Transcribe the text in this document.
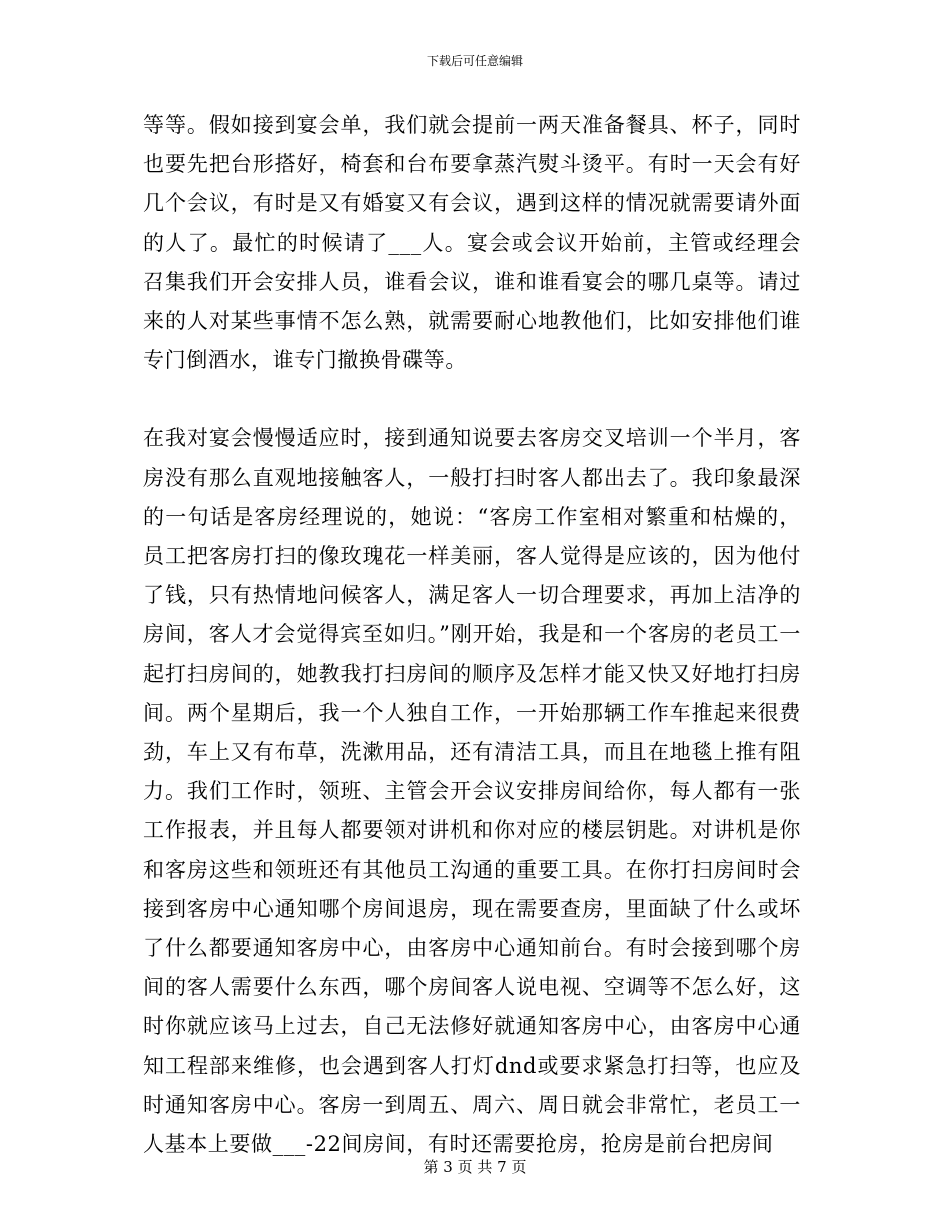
下载后可任意编辑

等等。假如接到宴会单，我们就会提前一两天准备餐具、杯子，同时也要先把台形搭好，椅套和台布要拿蒸汽熨斗烫平。有时一天会有好几个会议，有时是又有婚宴又有会议，遇到这样的情况就需要请外面的人了。最忙的时候请了___人。宴会或会议开始前，主管或经理会召集我们开会安排人员，谁看会议，谁和谁看宴会的哪几桌等。请过来的人对某些事情不怎么熟，就需要耐心地教他们，比如安排他们谁专门倒酒水，谁专门撤换骨碟等。

在我对宴会慢慢适应时，接到通知说要去客房交叉培训一个半月，客房没有那么直观地接触客人，一般打扫时客人都出去了。我印象最深的一句话是客房经理说的，她说：“客房工作室相对繁重和枯燥的，员工把客房打扫的像玫瑰花一样美丽，客人觉得是应该的，因为他付了钱，只有热情地问候客人，满足客人一切合理要求，再加上洁净的房间，客人才会觉得宾至如归。”刚开始，我是和一个客房的老员工一起打扫房间的，她教我打扫房间的顺序及怎样才能又快又好地打扫房间。两个星期后，我一个人独自工作，一开始那辆工作车推起来很费劲，车上又有布草，洗漱用品，还有清洁工具，而且在地毯上推有阻力。我们工作时，领班、主管会开会议安排房间给你，每人都有一张工作报表，并且每人都要领对讲机和你对应的楼层钥匙。对讲机是你和客房这些和领班还有其他员工沟通的重要工具。在你打扫房间时会接到客房中心通知哪个房间退房，现在需要查房，里面缺了什么或坏了什么都要通知客房中心，由客房中心通知前台。有时会接到哪个房间的客人需要什么东西，哪个房间客人说电视、空调等不怎么好，这时你就应该马上过去，自己无法修好就通知客房中心，由客房中心通知工程部来维修，也会遇到客人打灯dnd或要求紧急打扫等，也应及时通知客房中心。客房一到周五、周六、周日就会非常忙，老员工一人基本上要做___-22间房间，有时还需要抢房，抢房是前台把房间

第 3 页 共 7 页
